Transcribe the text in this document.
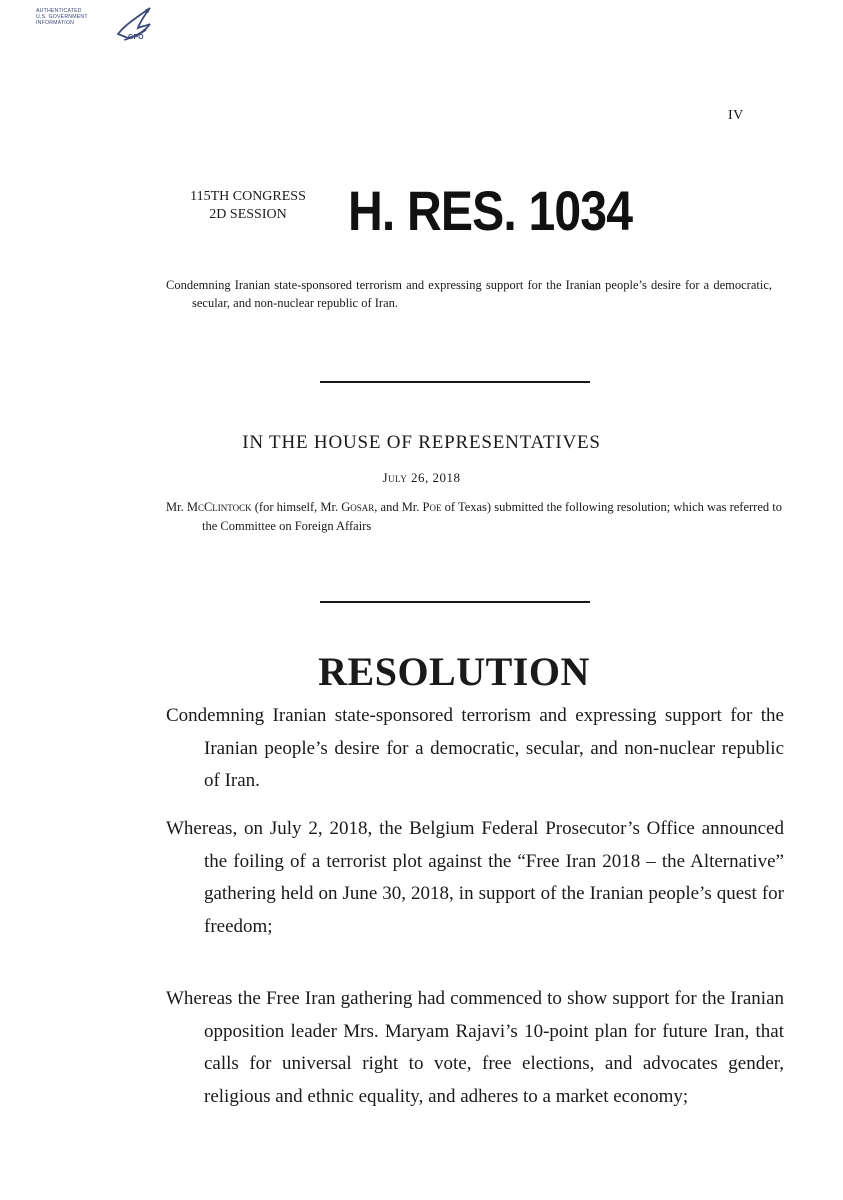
AUTHENTICATED
U.S. GOVERNMENT
INFORMATION
GPO
IV
115TH CONGRESS
2D SESSION	H. RES. 1034
Condemning Iranian state-sponsored terrorism and expressing support for the Iranian people’s desire for a democratic, secular, and non-nuclear republic of Iran.
IN THE HOUSE OF REPRESENTATIVES
July 26, 2018
Mr. McClintock (for himself, Mr. Gosar, and Mr. Poe of Texas) submitted the following resolution; which was referred to the Committee on Foreign Affairs
RESOLUTION
Condemning Iranian state-sponsored terrorism and expressing support for the Iranian people’s desire for a democratic, secular, and non-nuclear republic of Iran.
Whereas, on July 2, 2018, the Belgium Federal Prosecutor’s Office announced the foiling of a terrorist plot against the “Free Iran 2018 – the Alternative” gathering held on June 30, 2018, in support of the Iranian people’s quest for freedom;
Whereas the Free Iran gathering had commenced to show support for the Iranian opposition leader Mrs. Maryam Rajavi’s 10-point plan for future Iran, that calls for universal right to vote, free elections, and advocates gender, religious and ethnic equality, and adheres to a market economy;
